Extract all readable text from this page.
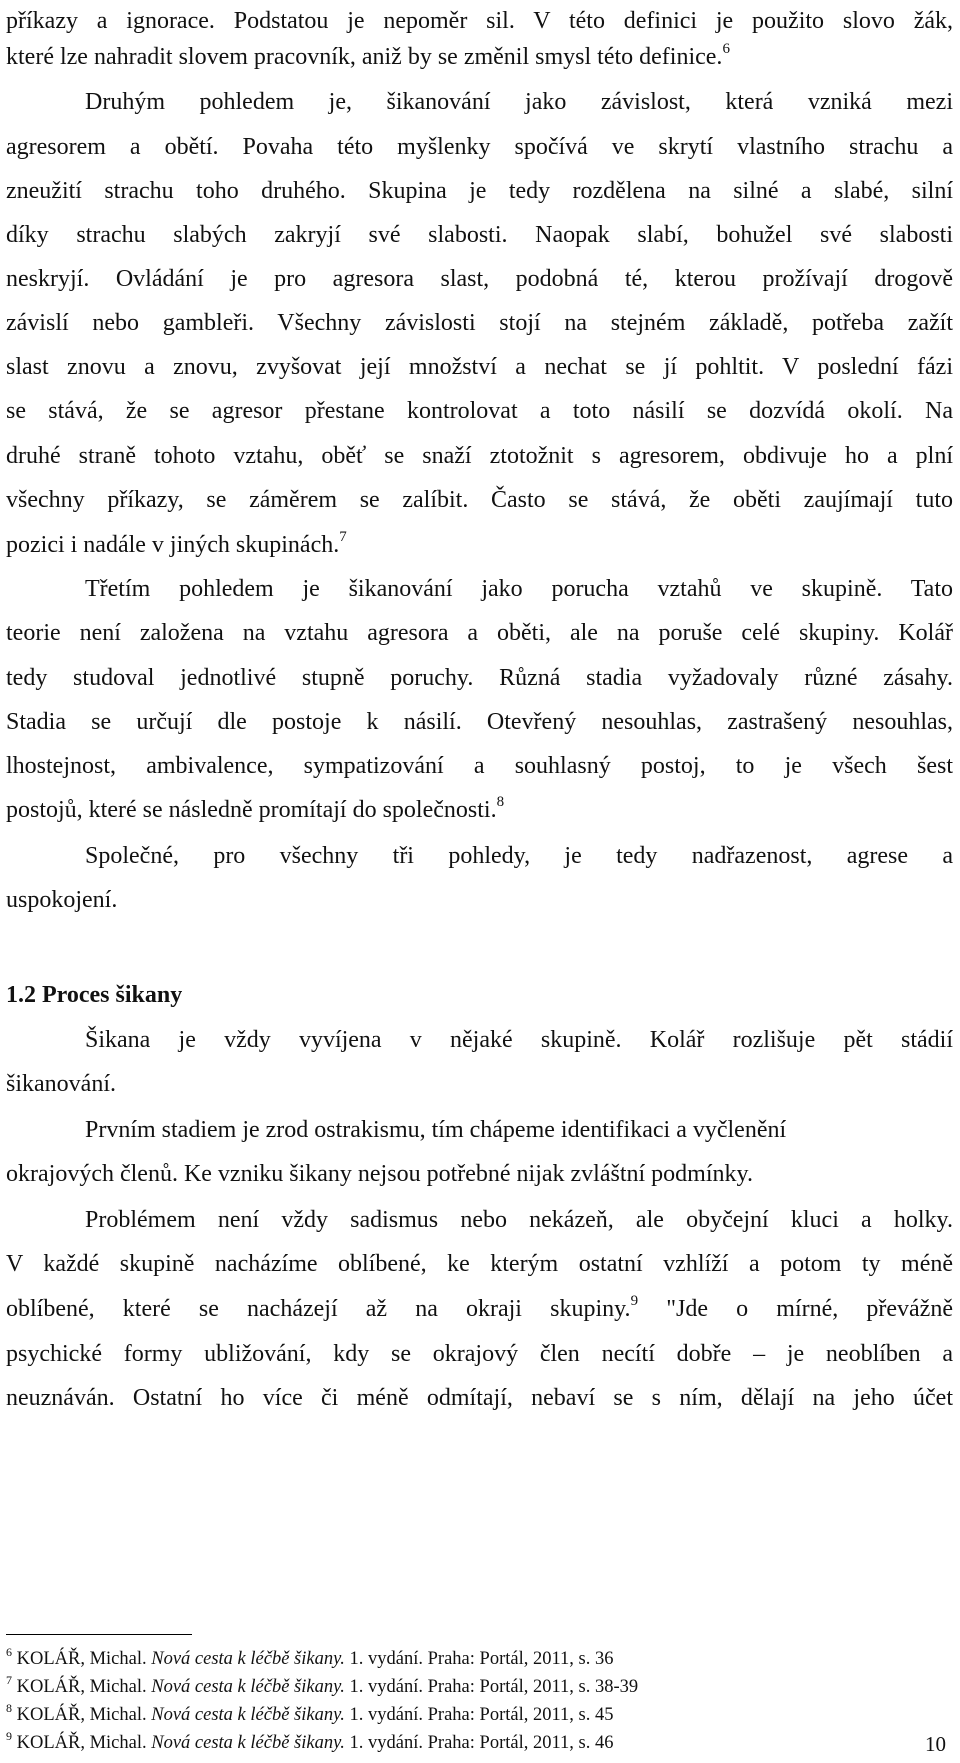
příkazy a ignorace. Podstatou je nepoměr sil. V této definici je použito slovo žák,
které lze nahradit slovem pracovník, aniž by se změnil smysl této definice.$^6$
Druhým pohledem je, šikanování jako závislost, která vzniká mezi
agresorem a obětí. Povaha této myšlenky spočívá ve skrytí vlastního strachu a
zneužití strachu toho druhého. Skupina je tedy rozdělena na silné a slabé, silní
díky strachu slabých zakryjí své slabosti. Naopak slabí, bohužel své slabosti
neskryjí. Ovládání je pro agresora slast, podobná té, kterou prožívají drogově
závislí nebo gambleři. Všechny závislosti stojí na stejném základě, potřeba zažít
slast znovu a znovu, zvyšovat její množství a nechat se jí pohltit. V poslední fázi
se stává, že se agresor přestane kontrolovat a toto násilí se dozvídá okolí. Na
druhé straně tohoto vztahu, oběť se snaží ztotožnit s agresorem, obdivuje ho a plní
všechny příkazy, se záměrem se zalíbit. Často se stává, že oběti zaujímají tuto
pozici i nadále v jiných skupinách.$^7$
Třetím pohledem je šikanování jako porucha vztahů ve skupině. Tato
teorie není založena na vztahu agresora a oběti, ale na poruše celé skupiny. Kolář
tedy studoval jednotlivé stupně poruchy. Různá stadia vyžadovaly různé zásahy.
Stadia se určují dle postoje k násilí. Otevřený nesouhlas, zastrašený nesouhlas,
lhostejnost, ambivalence, sympatizování a souhlasný postoj, to je všech šest
postojů, které se následně promítají do společnosti.$^8$
Společné, pro všechny tři pohledy, je tedy nadřazenost, agrese a
uspokojení.
1.2 Proces šikany
Šikana je vždy vyvíjena v nějaké skupině. Kolář rozlišuje pět stádií
šikanování.
Prvním stadiem je zrod ostrakismu, tím chápeme identifikaci a vyčlenění
okrajových členů. Ke vzniku šikany nejsou potřebné nijak zvláštní podmínky.
Problémem není vždy sadismus nebo nekázeň, ale obyčejní kluci a holky.
V každé skupině nacházíme oblíbené, ke kterým ostatní vzhlíží a potom ty méně
oblíbené, které se nacházejí až na okraji skupiny.$^9$ "Jde o mírné, převážně
psychické formy ubližování, kdy se okrajový člen necítí dobře – je neoblíben a
neuznáván. Ostatní ho více či méně odmítají, nebaví se s ním, dělají na jeho účet
$^6$ KOLÁŘ, Michal. Nová cesta k léčbě šikany. 1. vydání. Praha: Portál, 2011, s. 36
$^7$ KOLÁŘ, Michal. Nová cesta k léčbě šikany. 1. vydání. Praha: Portál, 2011, s. 38-39
$^8$ KOLÁŘ, Michal. Nová cesta k léčbě šikany. 1. vydání. Praha: Portál, 2011, s. 45
$^9$ KOLÁŘ, Michal. Nová cesta k léčbě šikany. 1. vydání. Praha: Portál, 2011, s. 46	10
